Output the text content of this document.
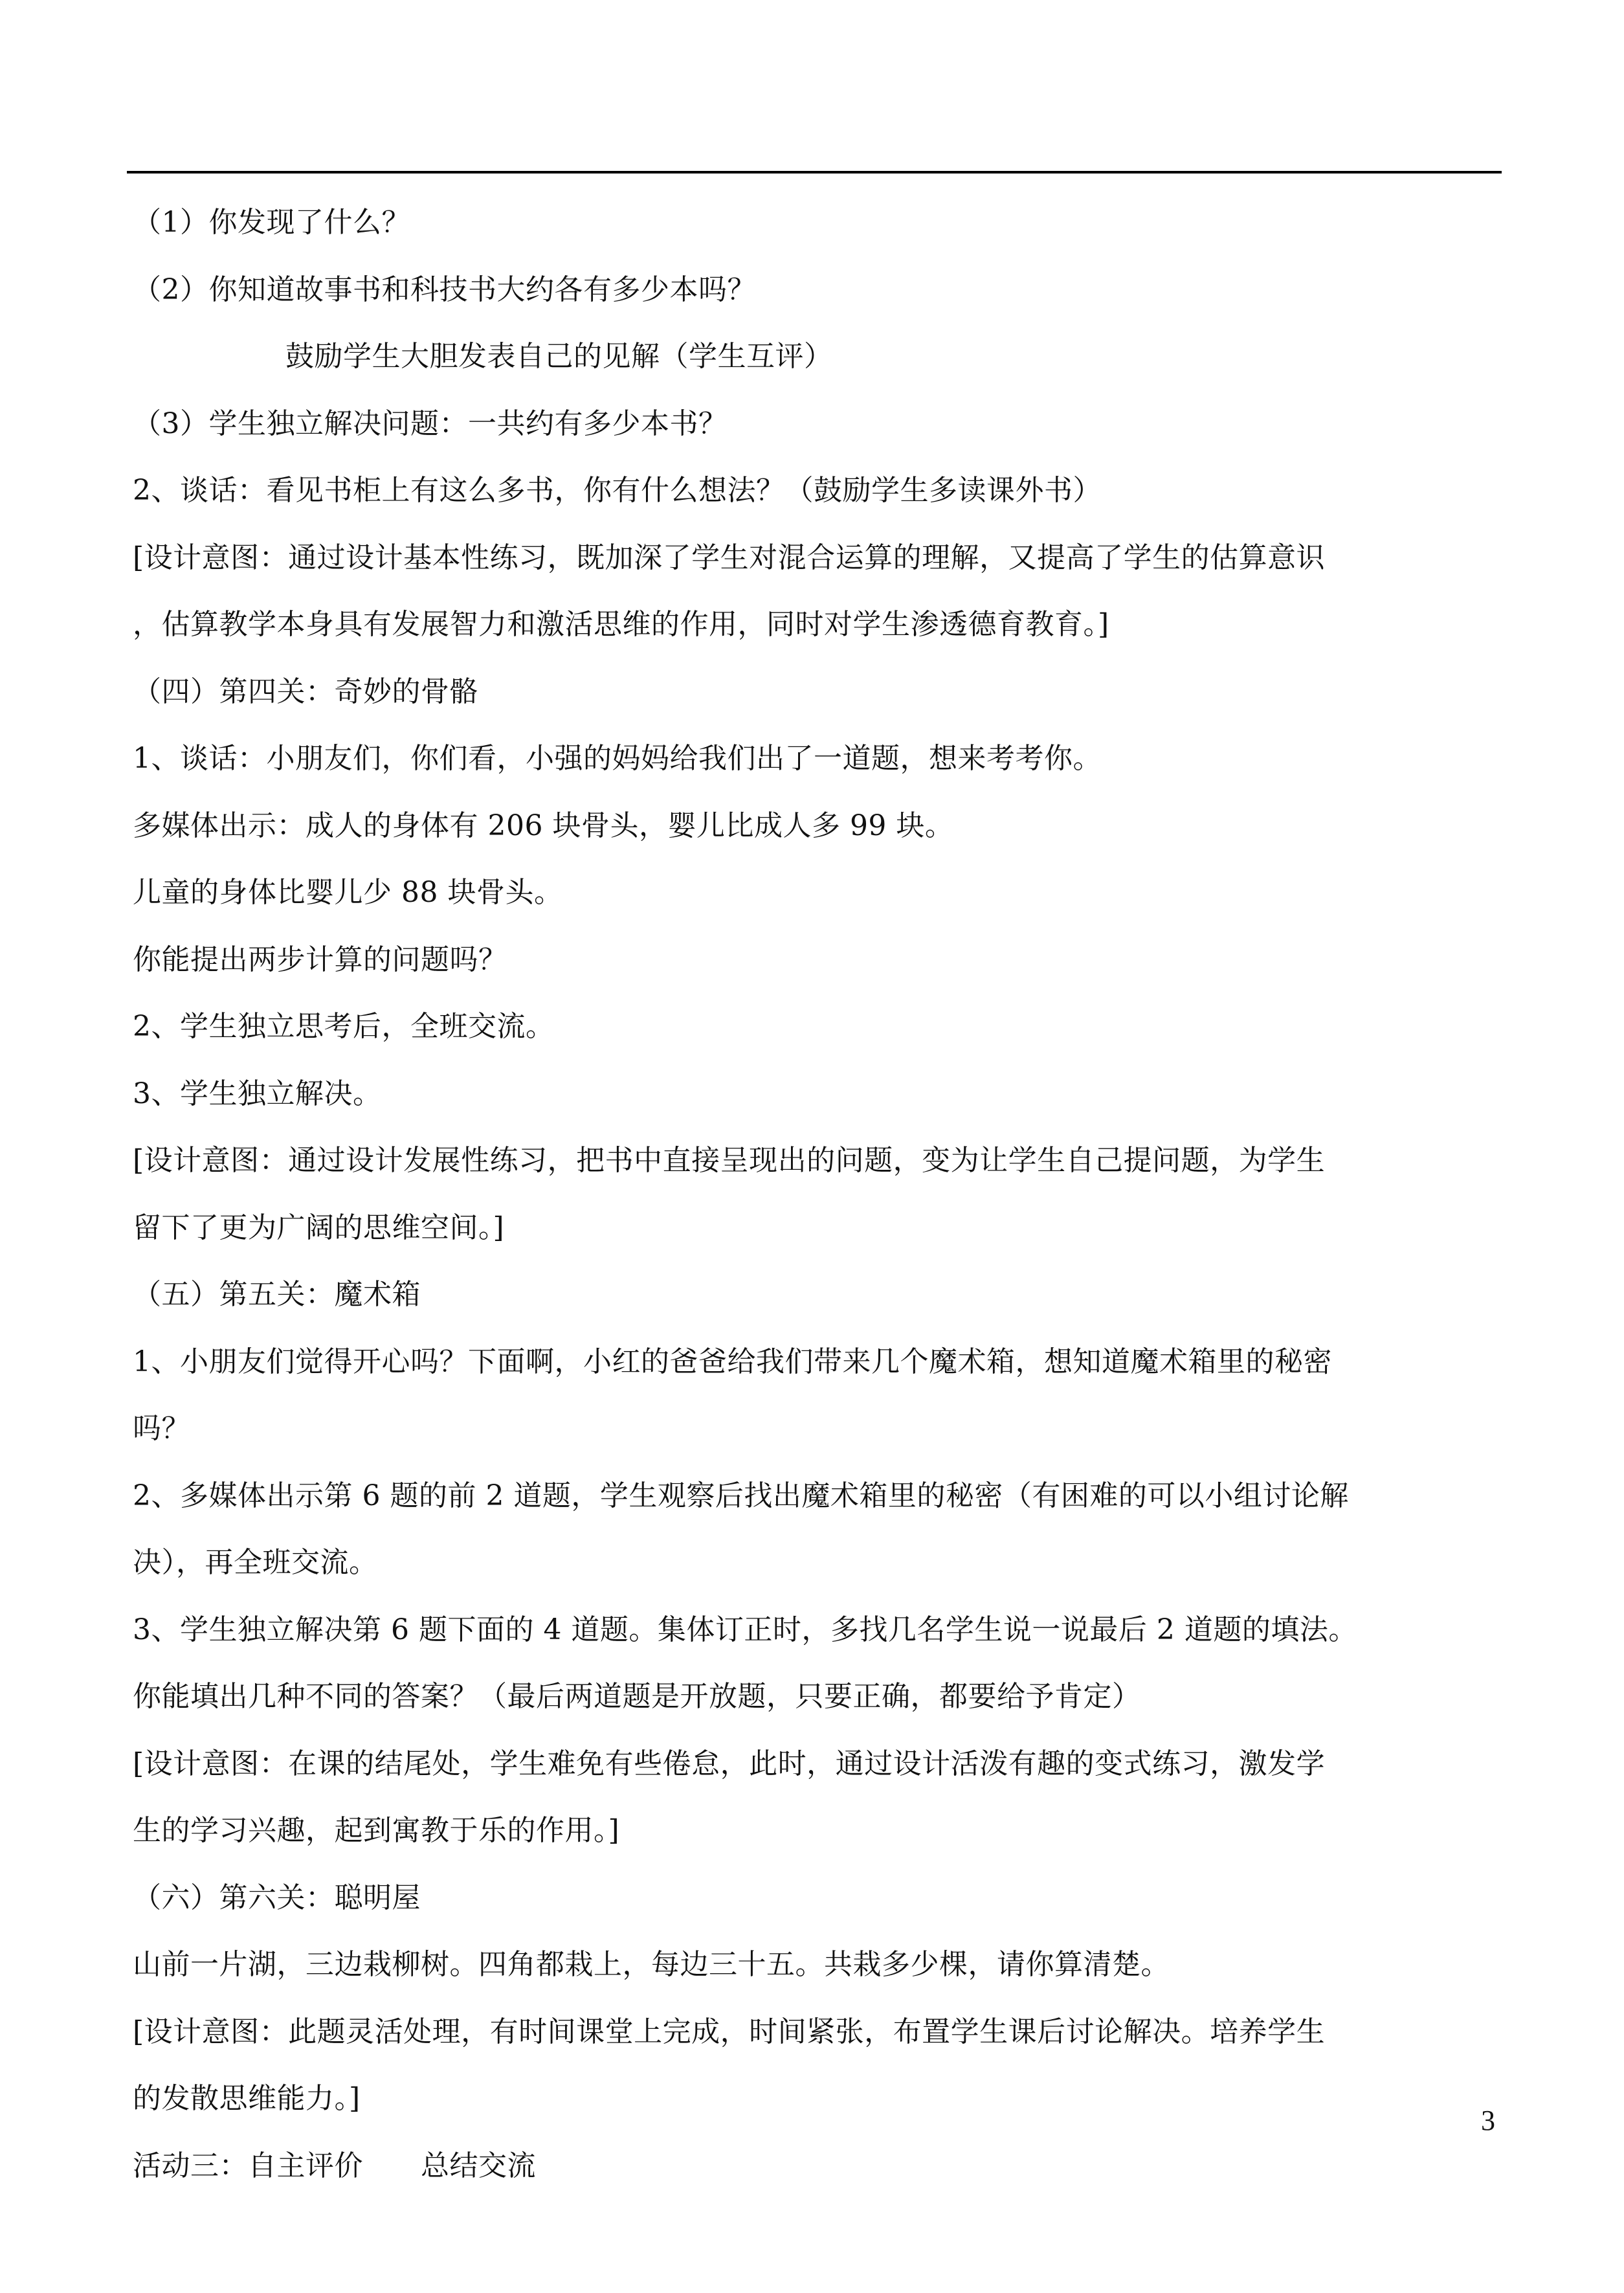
（1）你发现了什么？

（2）你知道故事书和科技书大约各有多少本吗？

鼓励学生大胆发表自己的见解（学生互评）

（3）学生独立解决问题：一共约有多少本书？

2、谈话：看见书柜上有这么多书，你有什么想法？（鼓励学生多读课外书）

[设计意图：通过设计基本性练习，既加深了学生对混合运算的理解，又提高了学生的估算意识

，估算教学本身具有发展智力和激活思维的作用，同时对学生渗透德育教育。]

（四）第四关：奇妙的骨骼

1、谈话：小朋友们，你们看，小强的妈妈给我们出了一道题，想来考考你。

多媒体出示：成人的身体有 206 块骨头，婴儿比成人多 99 块。

儿童的身体比婴儿少 88 块骨头。

你能提出两步计算的问题吗？

2、学生独立思考后，全班交流。

3、学生独立解决。

[设计意图：通过设计发展性练习，把书中直接呈现出的问题，变为让学生自己提问题，为学生

留下了更为广阔的思维空间。]

（五）第五关：魔术箱

1、小朋友们觉得开心吗？下面啊，小红的爸爸给我们带来几个魔术箱，想知道魔术箱里的秘密

吗？

2、多媒体出示第 6 题的前 2 道题，学生观察后找出魔术箱里的秘密（有困难的可以小组讨论解

决），再全班交流。

3、学生独立解决第 6 题下面的 4 道题。集体订正时，多找几名学生说一说最后 2 道题的填法。

你能填出几种不同的答案？（最后两道题是开放题，只要正确，都要给予肯定）

[设计意图：在课的结尾处，学生难免有些倦怠，此时，通过设计活泼有趣的变式练习，激发学

生的学习兴趣，起到寓教于乐的作用。]

（六）第六关：聪明屋

山前一片湖，三边栽柳树。四角都栽上，每边三十五。共栽多少棵，请你算清楚。

[设计意图：此题灵活处理，有时间课堂上完成，时间紧张，布置学生课后讨论解决。培养学生

的发散思维能力。]

活动三：自主评价　　总结交流

3
